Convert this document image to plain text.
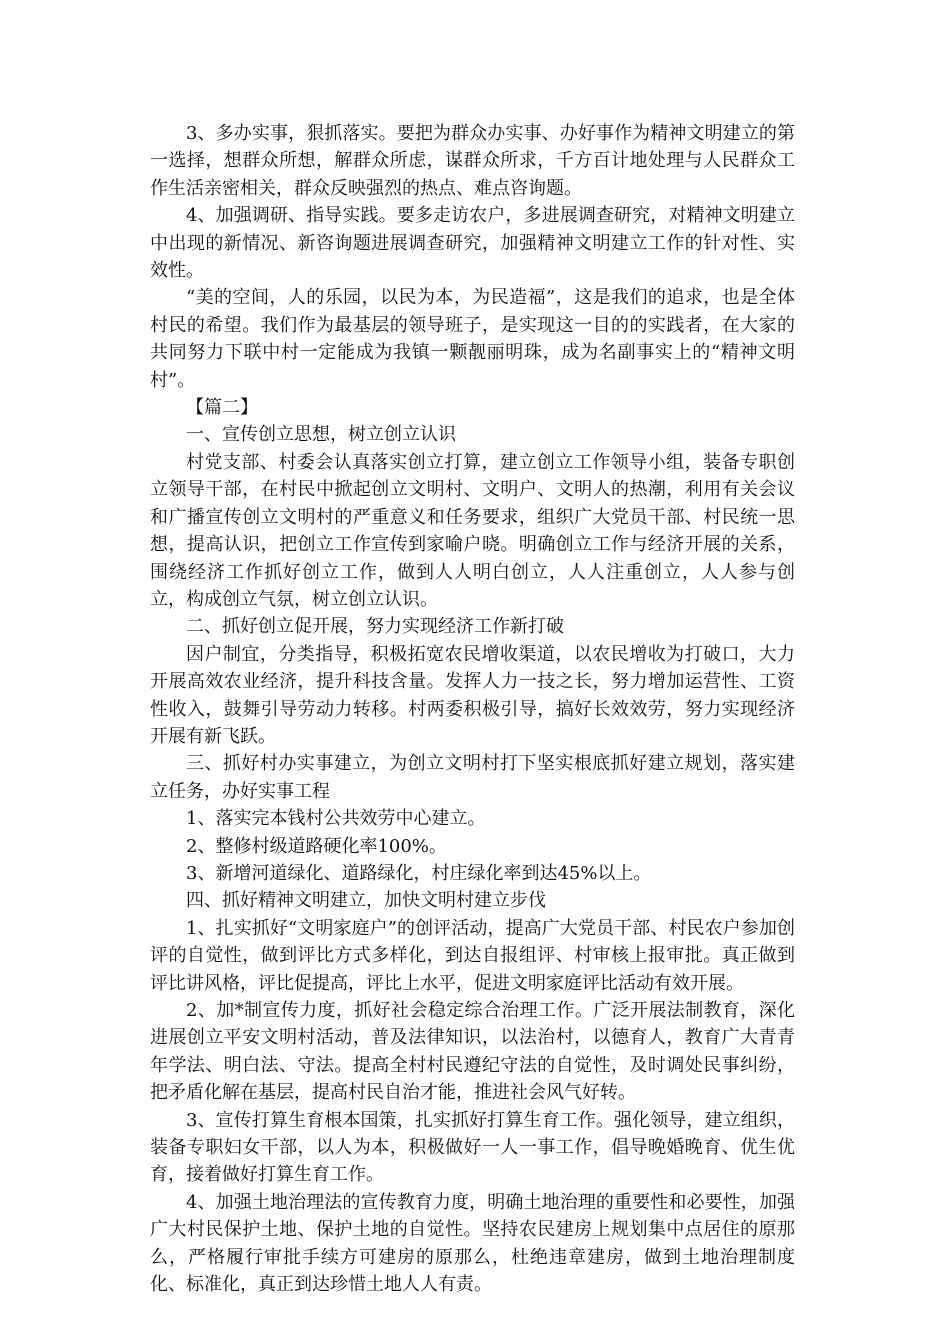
3、多办实事，狠抓落实。要把为群众办实事、办好事作为精神文明建立的第一选择，想群众所想，解群众所虑，谋群众所求，千方百计地处理与人民群众工作生活亲密相关，群众反映强烈的热点、难点咨询题。

4、加强调研、指导实践。要多走访农户，多进展调查研究，对精神文明建立中出现的新情况、新咨询题进展调查研究，加强精神文明建立工作的针对性、实效性。

“美的空间，人的乐园，以民为本，为民造福”，这是我们的追求，也是全体村民的希望。我们作为最基层的领导班子，是实现这一目的的实践者，在大家的共同努力下联中村一定能成为我镇一颗靓丽明珠，成为名副事实上的“精神文明村”。

【篇二】

一、宣传创立思想，树立创立认识

村党支部、村委会认真落实创立打算，建立创立工作领导小组，装备专职创立领导干部，在村民中掀起创立文明村、文明户、文明人的热潮，利用有关会议和广播宣传创立文明村的严重意义和任务要求，组织广大党员干部、村民统一思想，提高认识，把创立工作宣传到家喻户晓。明确创立工作与经济开展的关系，围绕经济工作抓好创立工作，做到人人明白创立，人人注重创立，人人参与创立，构成创立气氛，树立创立认识。

二、抓好创立促开展，努力实现经济工作新打破

因户制宜，分类指导，积极拓宽农民增收渠道，以农民增收为打破口，大力开展高效农业经济，提升科技含量。发挥人力一技之长，努力增加运营性、工资性收入，鼓舞引导劳动力转移。村两委积极引导，搞好长效效劳，努力实现经济开展有新飞跃。

三、抓好村办实事建立，为创立文明村打下坚实根底抓好建立规划，落实建立任务，办好实事工程

1、落实完本钱村公共效劳中心建立。

2、整修村级道路硬化率100%。

3、新增河道绿化、道路绿化，村庄绿化率到达45%以上。

四、抓好精神文明建立，加快文明村建立步伐

1、扎实抓好“文明家庭户”的创评活动，提高广大党员干部、村民农户参加创评的自觉性，做到评比方式多样化，到达自报组评、村审核上报审批。真正做到评比讲风格，评比促提高，评比上水平，促进文明家庭评比活动有效开展。

2、加*制宣传力度，抓好社会稳定综合治理工作。广泛开展法制教育，深化进展创立平安文明村活动，普及法律知识，以法治村，以德育人，教育广大青青年学法、明白法、守法。提高全村村民遵纪守法的自觉性，及时调处民事纠纷，把矛盾化解在基层，提高村民自治才能，推进社会风气好转。

3、宣传打算生育根本国策，扎实抓好打算生育工作。强化领导，建立组织，装备专职妇女干部，以人为本，积极做好一人一事工作，倡导晚婚晚育、优生优育，接着做好打算生育工作。

4、加强土地治理法的宣传教育力度，明确土地治理的重要性和必要性，加强广大村民保护土地、保护土地的自觉性。坚持农民建房上规划集中点居住的原那么，严格履行审批手续方可建房的原那么，杜绝违章建房，做到土地治理制度化、标准化，真正到达珍惜土地人人有责。
